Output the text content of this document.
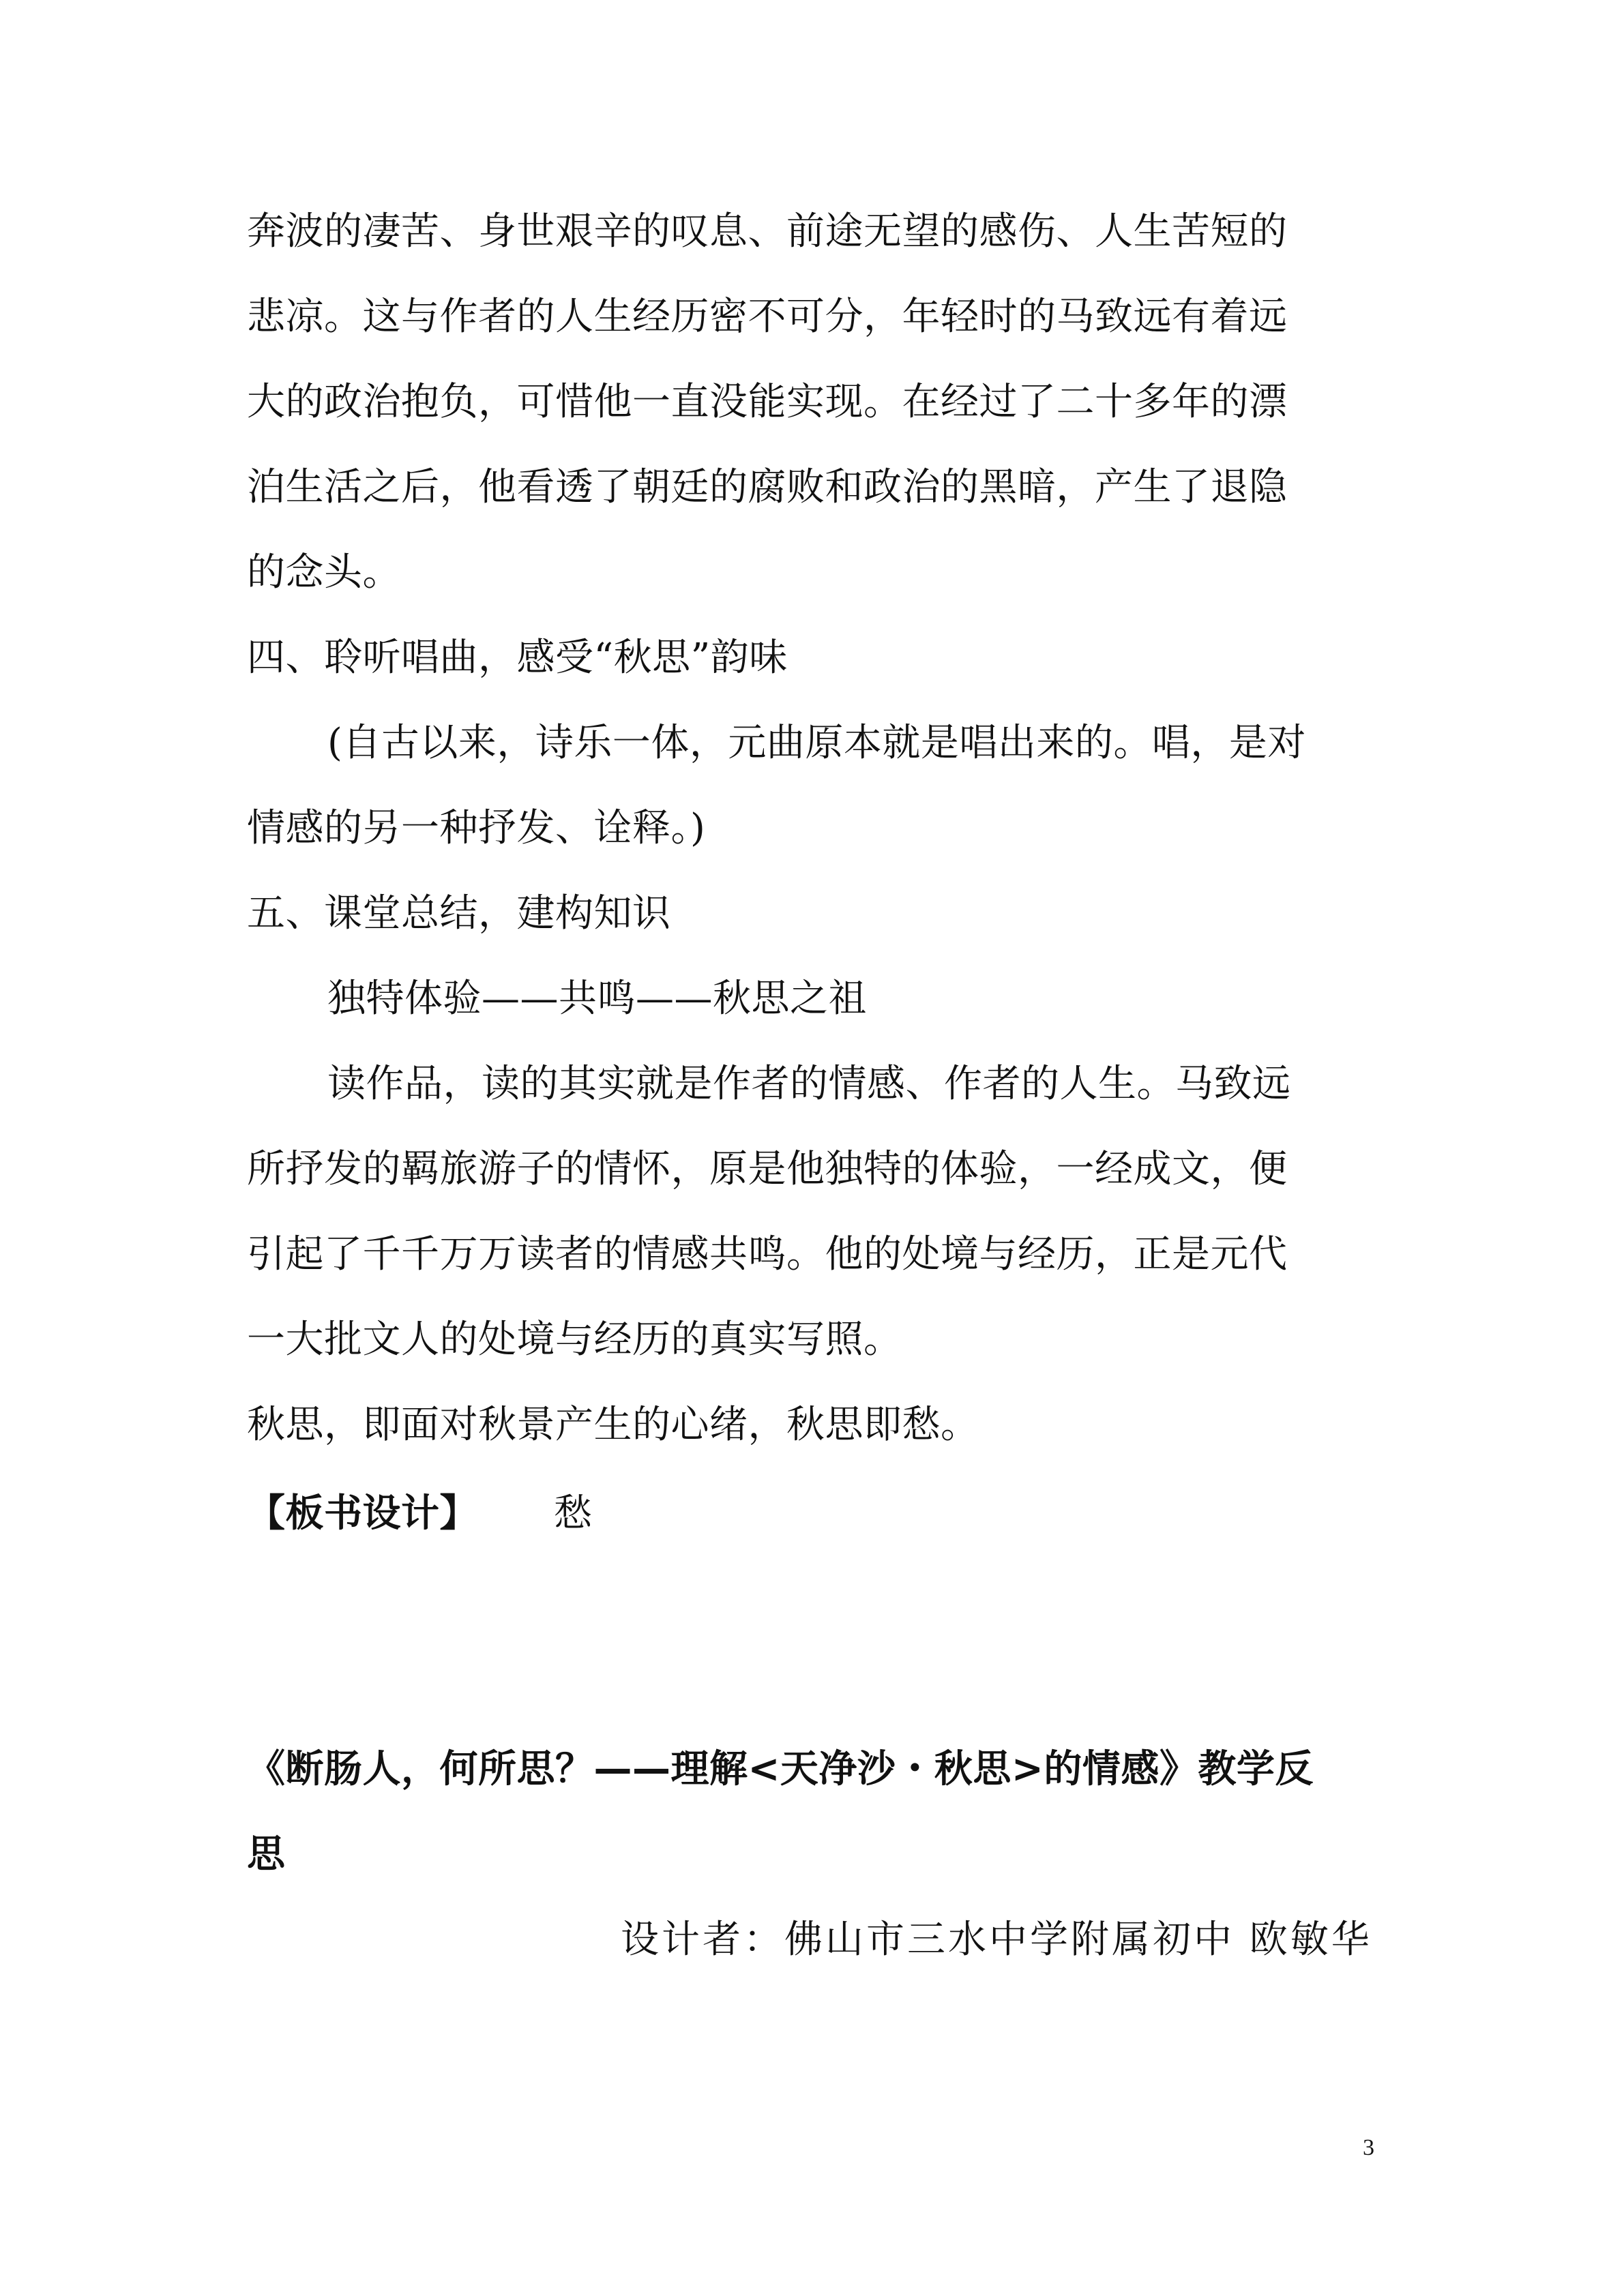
奔波的凄苦、身世艰辛的叹息、前途无望的感伤、人生苦短的
悲凉。这与作者的人生经历密不可分，年轻时的马致远有着远
大的政治抱负，可惜他一直没能实现。在经过了二十多年的漂
泊生活之后，他看透了朝廷的腐败和政治的黑暗，产生了退隐
的念头。
四、聆听唱曲，感受“秋思”韵味
(自古以来，诗乐一体，元曲原本就是唱出来的。唱，是对
情感的另一种抒发、诠释。)
五、课堂总结，建构知识
独特体验——共鸣——秋思之祖
读作品，读的其实就是作者的情感、作者的人生。马致远
所抒发的羁旅游子的情怀，原是他独特的体验，一经成文，便
引起了千千万万读者的情感共鸣。他的处境与经历，正是元代
一大批文人的处境与经历的真实写照。
秋思，即面对秋景产生的心绪，秋思即愁。
【板书设计】 愁
《断肠人，何所思？——理解<天净沙・秋思>的情感》教学反
思
设计者：佛山市三水中学附属初中 欧敏华
3
